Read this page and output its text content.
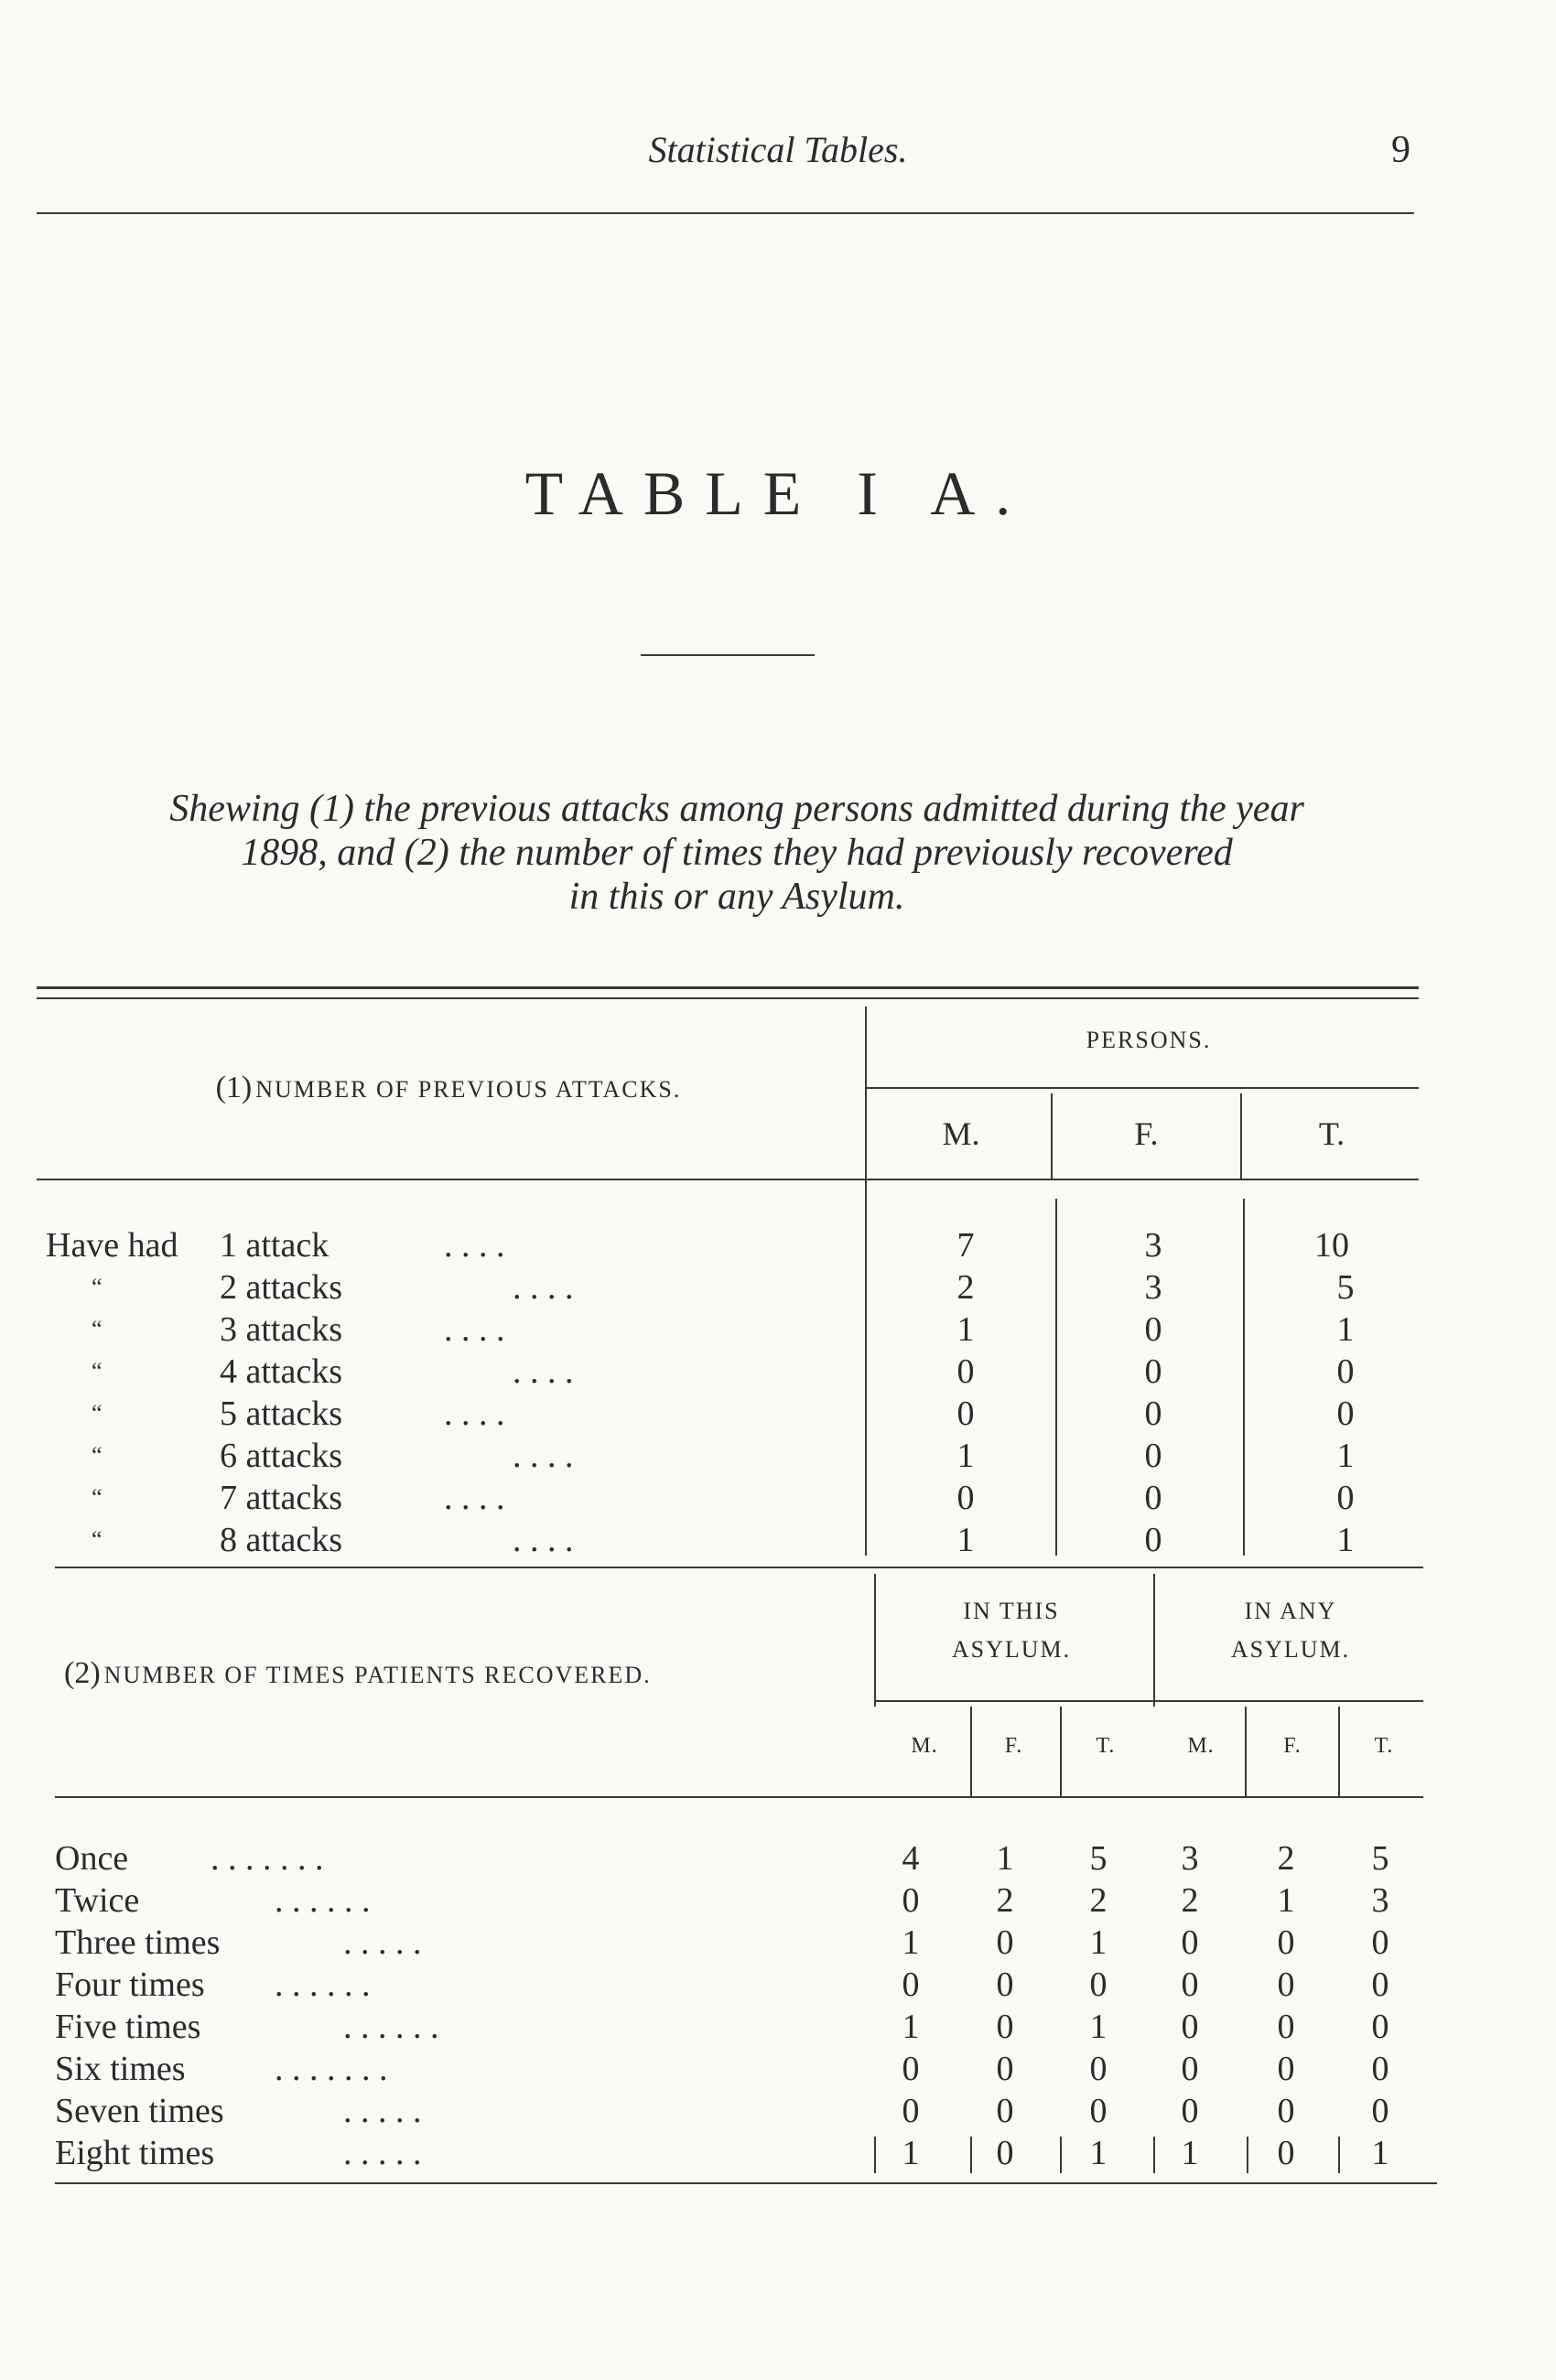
Statistical Tables.	9
TABLE I A.
Shewing (1) the previous attacks among persons admitted during the year
1898, and (2) the number of times they had previously recovered
in this or any Asylum.
(1) NUMBER OF PREVIOUS ATTACKS.
PERSONS.
M.	F.	T.
Have had	1 attack	. . . .	7	3	10
“	2 attacks	. . . .	2	3	5
“	3 attacks	. . . .	1	0	1
“	4 attacks	. . . .	0	0	0
“	5 attacks	. . . .	0	0	0
“	6 attacks	. . . .	1	0	1
“	7 attacks	. . . .	0	0	0
“	8 attacks	. . . .	1	0	1
(2) NUMBER OF TIMES PATIENTS RECOVERED.
IN THIS
ASYLUM.
IN ANY
ASYLUM.
M.	F.	T.	M.	F.	T.
Once . . . . . . .	4	1	5	3	2	5
Twice	. . . . . .	0	2	2	2	1	3
Three times	. . . . .	1	0	1	0	0	0
Four times . . . . . .	0	0	0	0	0	0
Five times	. . . . . .	1	0	1	0	0	0
Six times	. . . . . . .	0	0	0	0	0	0
Seven times	. . . . .	0	0	0	0	0	0
Eight times	. . . . .	1	0	1	1	0	1
